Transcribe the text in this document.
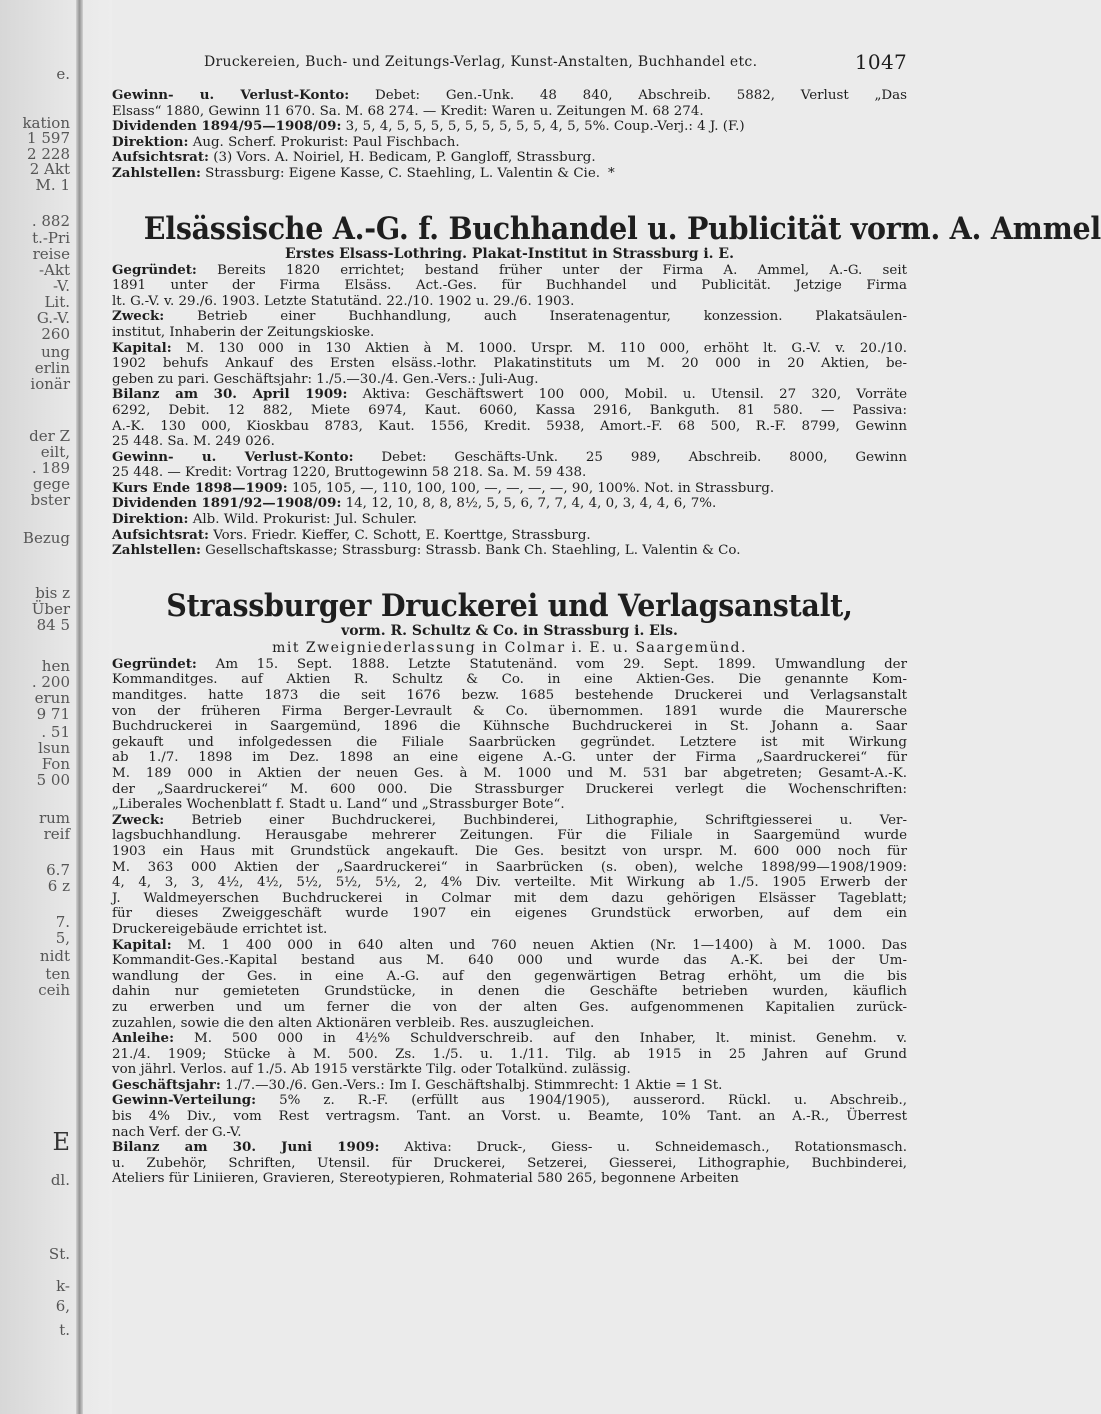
e.
kation
1 597
2 228
2 Akt
M. 1
. 882
t.-Pri
reise
-Akt
-V.
Lit.
G.-V.
260
ung
erlin
ionär
der Z
eilt,
. 189
gege
bster
Bezug
bis z
Über
84 5
hen
. 200
erun
9 71
. 51
lsun
Fon
5 00
rum
reif
6.7
6 z
7.
5,
nidt
ten
ceih
E
dl.
St.
k-
6,
t.
Druckereien, Buch- und Zeitungs-Verlag, Kunst-Anstalten, Buchhandel etc.	1047

Gewinn- u. Verlust-Konto: Debet: Gen.-Unk. 48 840, Abschreib. 5882, Verlust „Das

Elsass“ 1880, Gewinn 11 670. Sa. M. 68 274. — Kredit: Waren u. Zeitungen M. 68 274.

Dividenden 1894/95—1908/09: 3, 5, 4, 5, 5, 5, 5, 5, 5, 5, 5, 5, 4, 5, 5%. Coup.-Verj.: 4 J. (F.)

Direktion: Aug. Scherf. Prokurist: Paul Fischbach.

Aufsichtsrat: (3) Vors. A. Noiriel, H. Bedicam, P. Gangloff, Strassburg.

Zahlstellen: Strassburg: Eigene Kasse, C. Staehling, L. Valentin & Cie. *

Elsässische A.-G. f. Buchhandel u. Publicität vorm. A. Ammel
Erstes Elsass-Lothring. Plakat-Institut in Strassburg i. E.

Gegründet: Bereits 1820 errichtet; bestand früher unter der Firma A. Ammel, A.-G. seit

1891 unter der Firma Elsäss. Act.-Ges. für Buchhandel und Publicität. Jetzige Firma

lt. G.-V. v. 29./6. 1903. Letzte Statutänd. 22./10. 1902 u. 29./6. 1903.

Zweck: Betrieb einer Buchhandlung, auch Inseratenagentur, konzession. Plakatsäulen-

institut, Inhaberin der Zeitungskioske.

Kapital: M. 130 000 in 130 Aktien à M. 1000. Urspr. M. 110 000, erhöht lt. G.-V. v. 20./10.

1902 behufs Ankauf des Ersten elsäss.-lothr. Plakatinstituts um M. 20 000 in 20 Aktien, be-

geben zu pari. Geschäftsjahr: 1./5.—30./4. Gen.-Vers.: Juli-Aug.

Bilanz am 30. April 1909: Aktiva: Geschäftswert 100 000, Mobil. u. Utensil. 27 320, Vorräte

6292, Debit. 12 882, Miete 6974, Kaut. 6060, Kassa 2916, Bankguth. 81 580. — Passiva:

A.-K. 130 000, Kioskbau 8783, Kaut. 1556, Kredit. 5938, Amort.-F. 68 500, R.-F. 8799, Gewinn

25 448. Sa. M. 249 026.

Gewinn- u. Verlust-Konto: Debet: Geschäfts-Unk. 25 989, Abschreib. 8000, Gewinn

25 448. — Kredit: Vortrag 1220, Bruttogewinn 58 218. Sa. M. 59 438.

Kurs Ende 1898—1909: 105, 105, —, 110, 100, 100, —, —, —, —, 90, 100%. Not. in Strassburg.

Dividenden 1891/92—1908/09: 14, 12, 10, 8, 8, 8½, 5, 5, 6, 7, 7, 4, 4, 0, 3, 4, 4, 6, 7%.

Direktion: Alb. Wild. Prokurist: Jul. Schuler.

Aufsichtsrat: Vors. Friedr. Kieffer, C. Schott, E. Koerttge, Strassburg.

Zahlstellen: Gesellschaftskasse; Strassburg: Strassb. Bank Ch. Staehling, L. Valentin & Co.

Strassburger Druckerei und Verlagsanstalt,
vorm. R. Schultz & Co. in Strassburg i. Els.
mit Zweigniederlassung in Colmar i. E. u. Saargemünd.

Gegründet: Am 15. Sept. 1888. Letzte Statutenänd. vom 29. Sept. 1899. Umwandlung der

Kommanditges. auf Aktien R. Schultz & Co. in eine Aktien-Ges. Die genannte Kom-

manditges. hatte 1873 die seit 1676 bezw. 1685 bestehende Druckerei und Verlagsanstalt

von der früheren Firma Berger-Levrault & Co. übernommen. 1891 wurde die Maurersche

Buchdruckerei in Saargemünd, 1896 die Kühnsche Buchdruckerei in St. Johann a. Saar

gekauft und infolgedessen die Filiale Saarbrücken gegründet. Letztere ist mit Wirkung

ab 1./7. 1898 im Dez. 1898 an eine eigene A.-G. unter der Firma „Saardruckerei“ für

M. 189 000 in Aktien der neuen Ges. à M. 1000 und M. 531 bar abgetreten; Gesamt-A.-K.

der „Saardruckerei“ M. 600 000. Die Strassburger Druckerei verlegt die Wochenschriften:

„Liberales Wochenblatt f. Stadt u. Land“ und „Strassburger Bote“.

Zweck: Betrieb einer Buchdruckerei, Buchbinderei, Lithographie, Schriftgiesserei u. Ver-

lagsbuchhandlung. Herausgabe mehrerer Zeitungen. Für die Filiale in Saargemünd wurde

1903 ein Haus mit Grundstück angekauft. Die Ges. besitzt von urspr. M. 600 000 noch für

M. 363 000 Aktien der „Saardruckerei“ in Saarbrücken (s. oben), welche 1898/99—1908/1909:

4, 4, 3, 3, 4½, 4½, 5½, 5½, 5½, 2, 4% Div. verteilte. Mit Wirkung ab 1./5. 1905 Erwerb der

J. Waldmeyerschen Buchdruckerei in Colmar mit dem dazu gehörigen Elsässer Tageblatt;

für dieses Zweiggeschäft wurde 1907 ein eigenes Grundstück erworben, auf dem ein

Druckereigebäude errichtet ist.

Kapital: M. 1 400 000 in 640 alten und 760 neuen Aktien (Nr. 1—1400) à M. 1000. Das

Kommandit-Ges.-Kapital bestand aus M. 640 000 und wurde das A.-K. bei der Um-

wandlung der Ges. in eine A.-G. auf den gegenwärtigen Betrag erhöht, um die bis

dahin nur gemieteten Grundstücke, in denen die Geschäfte betrieben wurden, käuflich

zu erwerben und um ferner die von der alten Ges. aufgenommenen Kapitalien zurück-

zuzahlen, sowie die den alten Aktionären verbleib. Res. auszugleichen.

Anleihe: M. 500 000 in 4½% Schuldverschreib. auf den Inhaber, lt. minist. Genehm. v.

21./4. 1909; Stücke à M. 500. Zs. 1./5. u. 1./11. Tilg. ab 1915 in 25 Jahren auf Grund

von jährl. Verlos. auf 1./5. Ab 1915 verstärkte Tilg. oder Totalkünd. zulässig.

Geschäftsjahr: 1./7.—30./6. Gen.-Vers.: Im I. Geschäftshalbj. Stimmrecht: 1 Aktie = 1 St.

Gewinn-Verteilung: 5% z. R.-F. (erfüllt aus 1904/1905), ausserord. Rückl. u. Abschreib.,

bis 4% Div., vom Rest vertragsm. Tant. an Vorst. u. Beamte, 10% Tant. an A.-R., Überrest

nach Verf. der G.-V.

Bilanz am 30. Juni 1909: Aktiva: Druck-, Giess- u. Schneidemasch., Rotationsmasch.

u. Zubehör, Schriften, Utensil. für Druckerei, Setzerei, Giesserei, Lithographie, Buchbinderei,

Ateliers für Liniieren, Gravieren, Stereotypieren, Rohmaterial 580 265, begonnene Arbeiten
